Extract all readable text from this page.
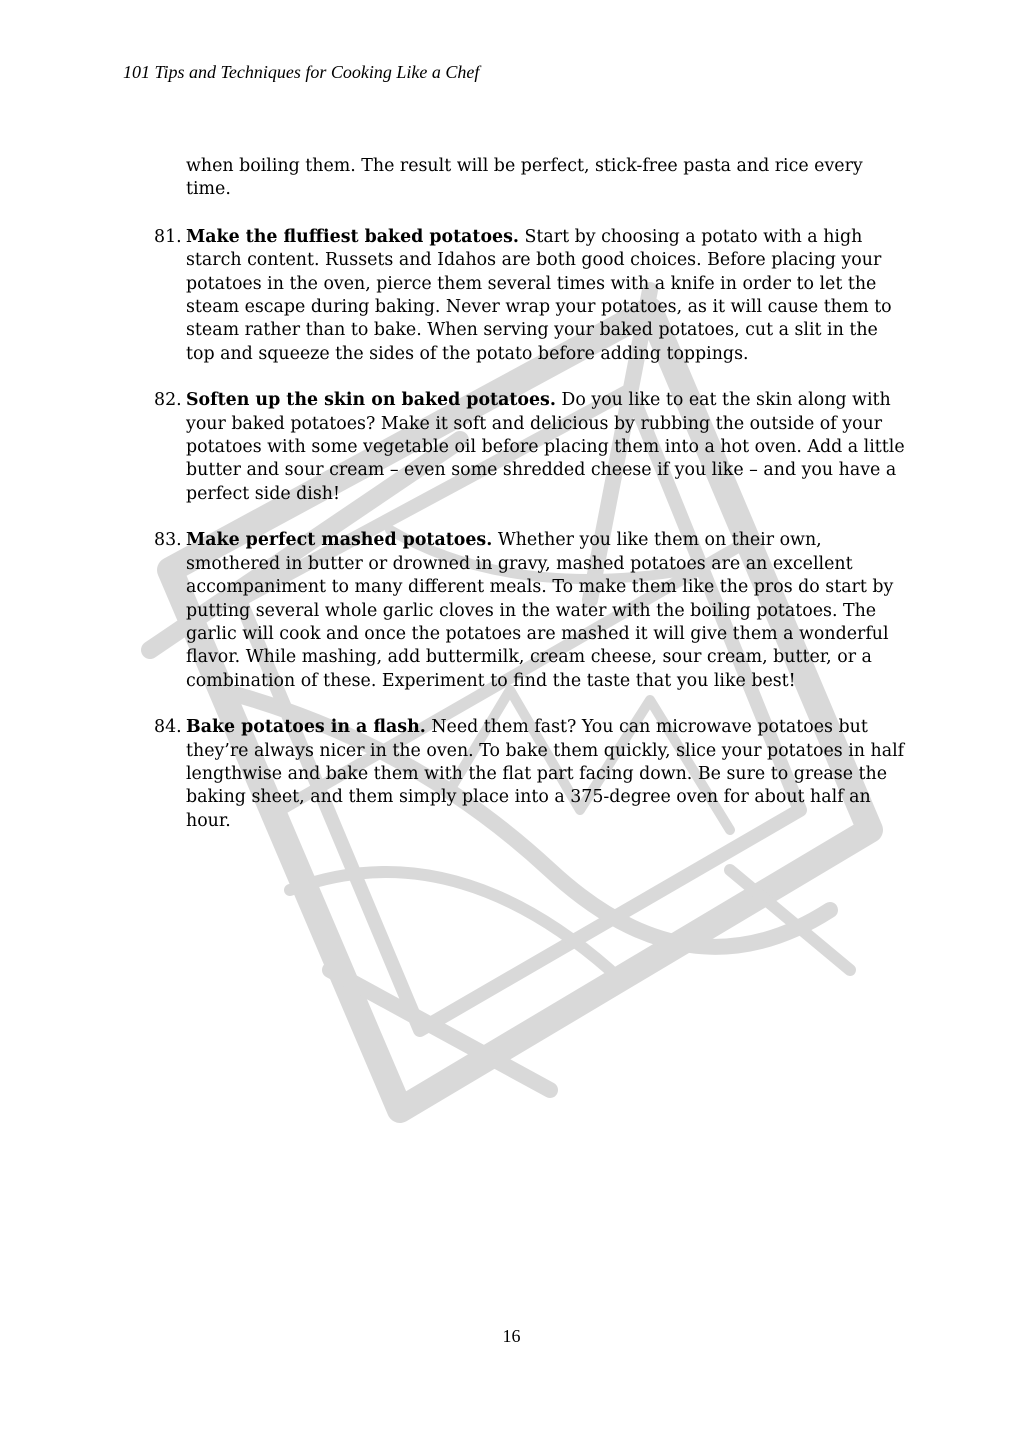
101 Tips and Techniques for Cooking Like a Chef

when boiling them. The result will be perfect, stick-free pasta and rice every time.

81. Make the fluffiest baked potatoes. Start by choosing a potato with a high starch content. Russets and Idahos are both good choices. Before placing your potatoes in the oven, pierce them several times with a knife in order to let the steam escape during baking. Never wrap your potatoes, as it will cause them to steam rather than to bake. When serving your baked potatoes, cut a slit in the top and squeeze the sides of the potato before adding toppings.
82. Soften up the skin on baked potatoes. Do you like to eat the skin along with your baked potatoes? Make it soft and delicious by rubbing the outside of your potatoes with some vegetable oil before placing them into a hot oven. Add a little butter and sour cream – even some shredded cheese if you like – and you have a perfect side dish!
83. Make perfect mashed potatoes. Whether you like them on their own, smothered in butter or drowned in gravy, mashed potatoes are an excellent accompaniment to many different meals. To make them like the pros do start by putting several whole garlic cloves in the water with the boiling potatoes. The garlic will cook and once the potatoes are mashed it will give them a wonderful flavor. While mashing, add buttermilk, cream cheese, sour cream, butter, or a combination of these. Experiment to find the taste that you like best!
84. Bake potatoes in a flash. Need them fast? You can microwave potatoes but they’re always nicer in the oven. To bake them quickly, slice your potatoes in half lengthwise and bake them with the flat part facing down. Be sure to grease the baking sheet, and them simply place into a 375-degree oven for about half an hour.
16
